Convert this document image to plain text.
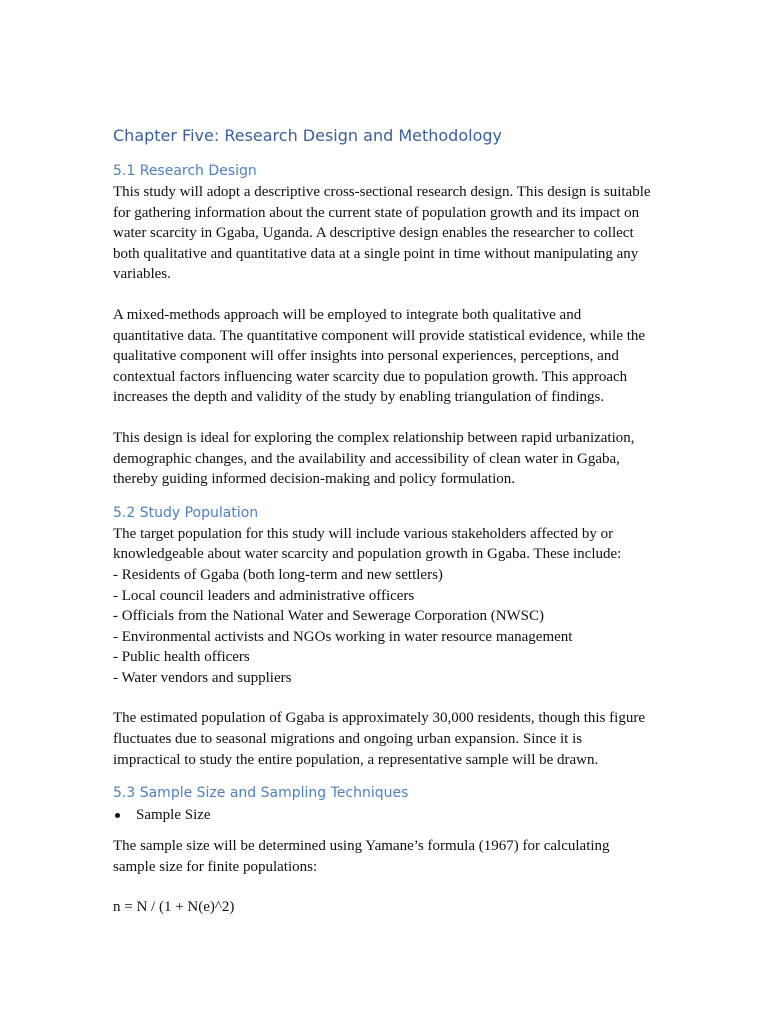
Chapter Five: Research Design and Methodology
5.1 Research Design
This study will adopt a descriptive cross-sectional research design. This design is suitable
for gathering information about the current state of population growth and its impact on
water scarcity in Ggaba, Uganda. A descriptive design enables the researcher to collect
both qualitative and quantitative data at a single point in time without manipulating any
variables.
A mixed-methods approach will be employed to integrate both qualitative and
quantitative data. The quantitative component will provide statistical evidence, while the
qualitative component will offer insights into personal experiences, perceptions, and
contextual factors influencing water scarcity due to population growth. This approach
increases the depth and validity of the study by enabling triangulation of findings.
This design is ideal for exploring the complex relationship between rapid urbanization,
demographic changes, and the availability and accessibility of clean water in Ggaba,
thereby guiding informed decision-making and policy formulation.
5.2 Study Population
The target population for this study will include various stakeholders affected by or
knowledgeable about water scarcity and population growth in Ggaba. These include:
- Residents of Ggaba (both long-term and new settlers)
- Local council leaders and administrative officers
- Officials from the National Water and Sewerage Corporation (NWSC)
- Environmental activists and NGOs working in water resource management
- Public health officers
- Water vendors and suppliers
The estimated population of Ggaba is approximately 30,000 residents, though this figure
fluctuates due to seasonal migrations and ongoing urban expansion. Since it is
impractical to study the entire population, a representative sample will be drawn.
5.3 Sample Size and Sampling Techniques
Sample Size
The sample size will be determined using Yamane’s formula (1967) for calculating
sample size for finite populations:
n = N / (1 + N(e)^2)
